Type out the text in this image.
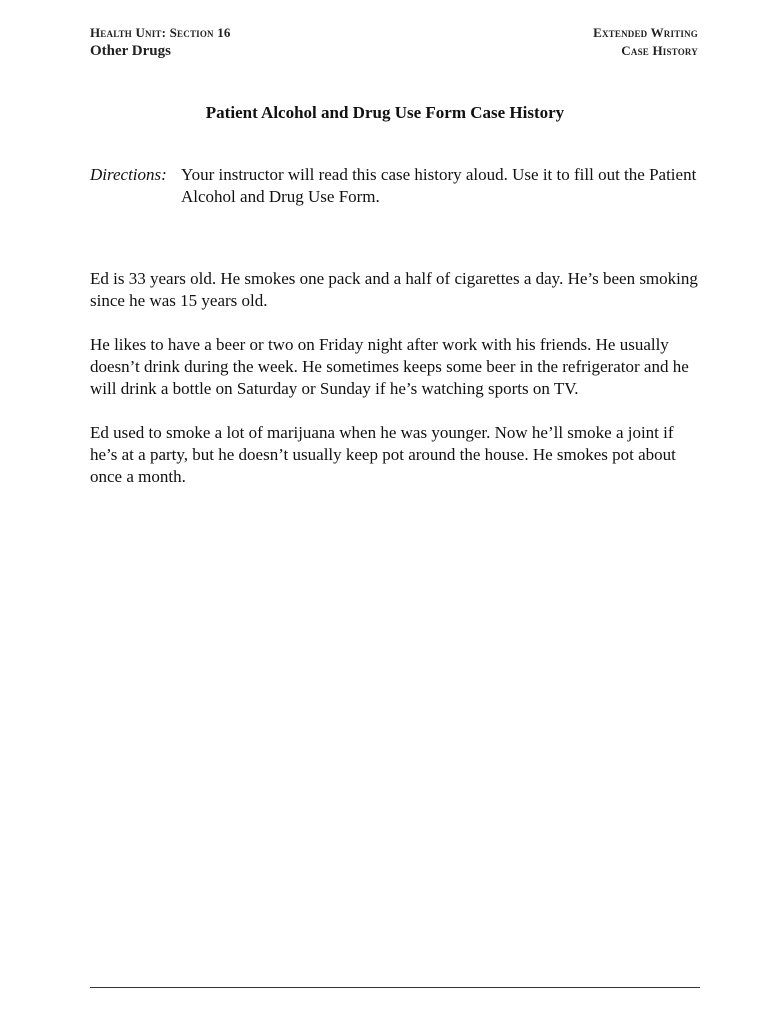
Health Unit: Section 16
Other Drugs
Extended Writing
Case History
Patient Alcohol and Drug Use Form Case History
Directions: Your instructor will read this case history aloud. Use it to fill out the Patient Alcohol and Drug Use Form.

Ed is 33 years old. He smokes one pack and a half of cigarettes a day. He’s been smoking since he was 15 years old.

He likes to have a beer or two on Friday night after work with his friends. He usually doesn’t drink during the week. He sometimes keeps some beer in the refrigerator and he will drink a bottle on Saturday or Sunday if he’s watching sports on TV.

Ed used to smoke a lot of marijuana when he was younger. Now he’ll smoke a joint if he’s at a party, but he doesn’t usually keep pot around the house. He smokes pot about once a month.
